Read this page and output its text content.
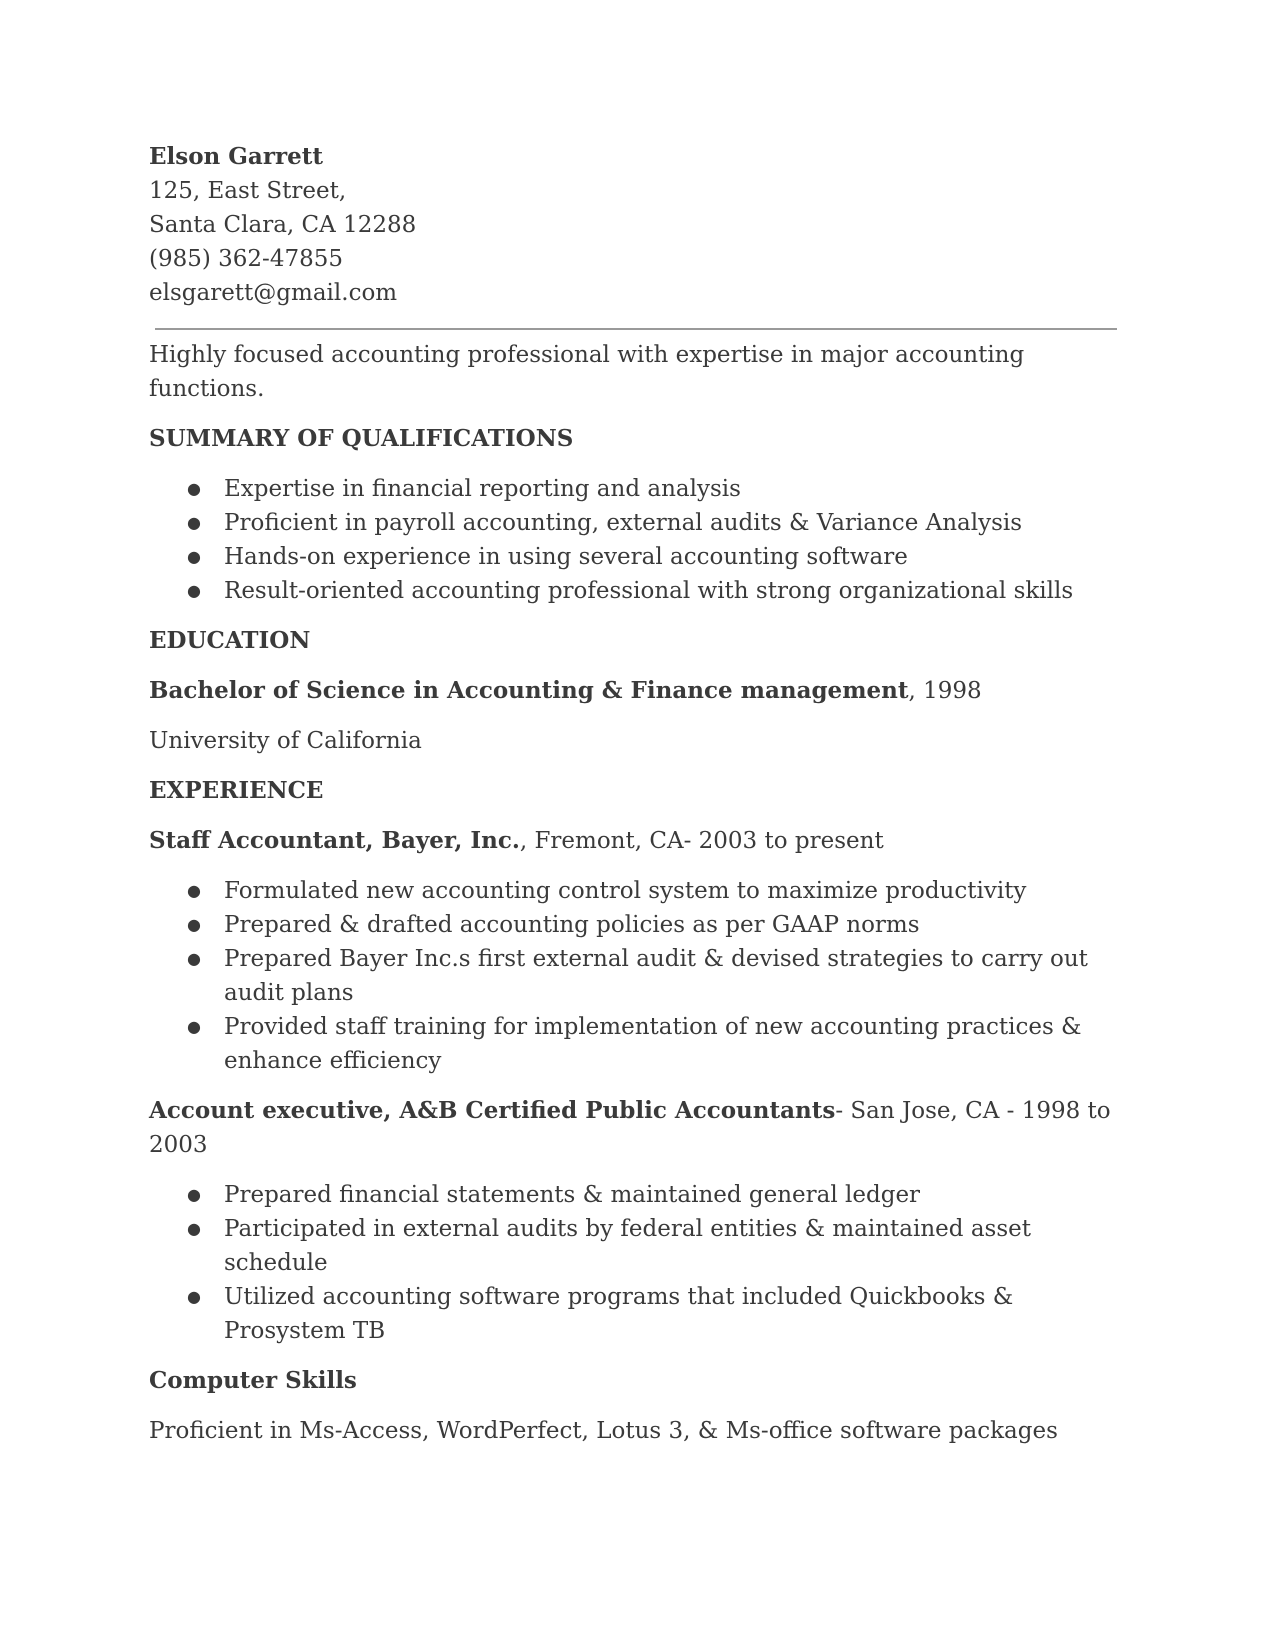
Elson Garrett
125, East Street,
Santa Clara, CA 12288
(985) 362-47855
elsgarett@gmail.com

Highly focused accounting professional with expertise in major accounting functions.

SUMMARY OF QUALIFICATIONS
● Expertise in financial reporting and analysis
● Proficient in payroll accounting, external audits & Variance Analysis
● Hands-on experience in using several accounting software
● Result-oriented accounting professional with strong organizational skills
EDUCATION

Bachelor of Science in Accounting & Finance management, 1998

University of California

EXPERIENCE

Staff Accountant, Bayer, Inc., Fremont, CA- 2003 to present

● Formulated new accounting control system to maximize productivity
● Prepared & drafted accounting policies as per GAAP norms
● Prepared Bayer Inc.s first external audit & devised strategies to carry out audit plans
● Provided staff training for implementation of new accounting practices & enhance efficiency

Account executive, A&B Certified Public Accountants- San Jose, CA - 1998 to 2003

● Prepared financial statements & maintained general ledger
● Participated in external audits by federal entities & maintained asset schedule
● Utilized accounting software programs that included Quickbooks & Prosystem TB
Computer Skills

Proficient in Ms-Access, WordPerfect, Lotus 3, & Ms-office software packages
